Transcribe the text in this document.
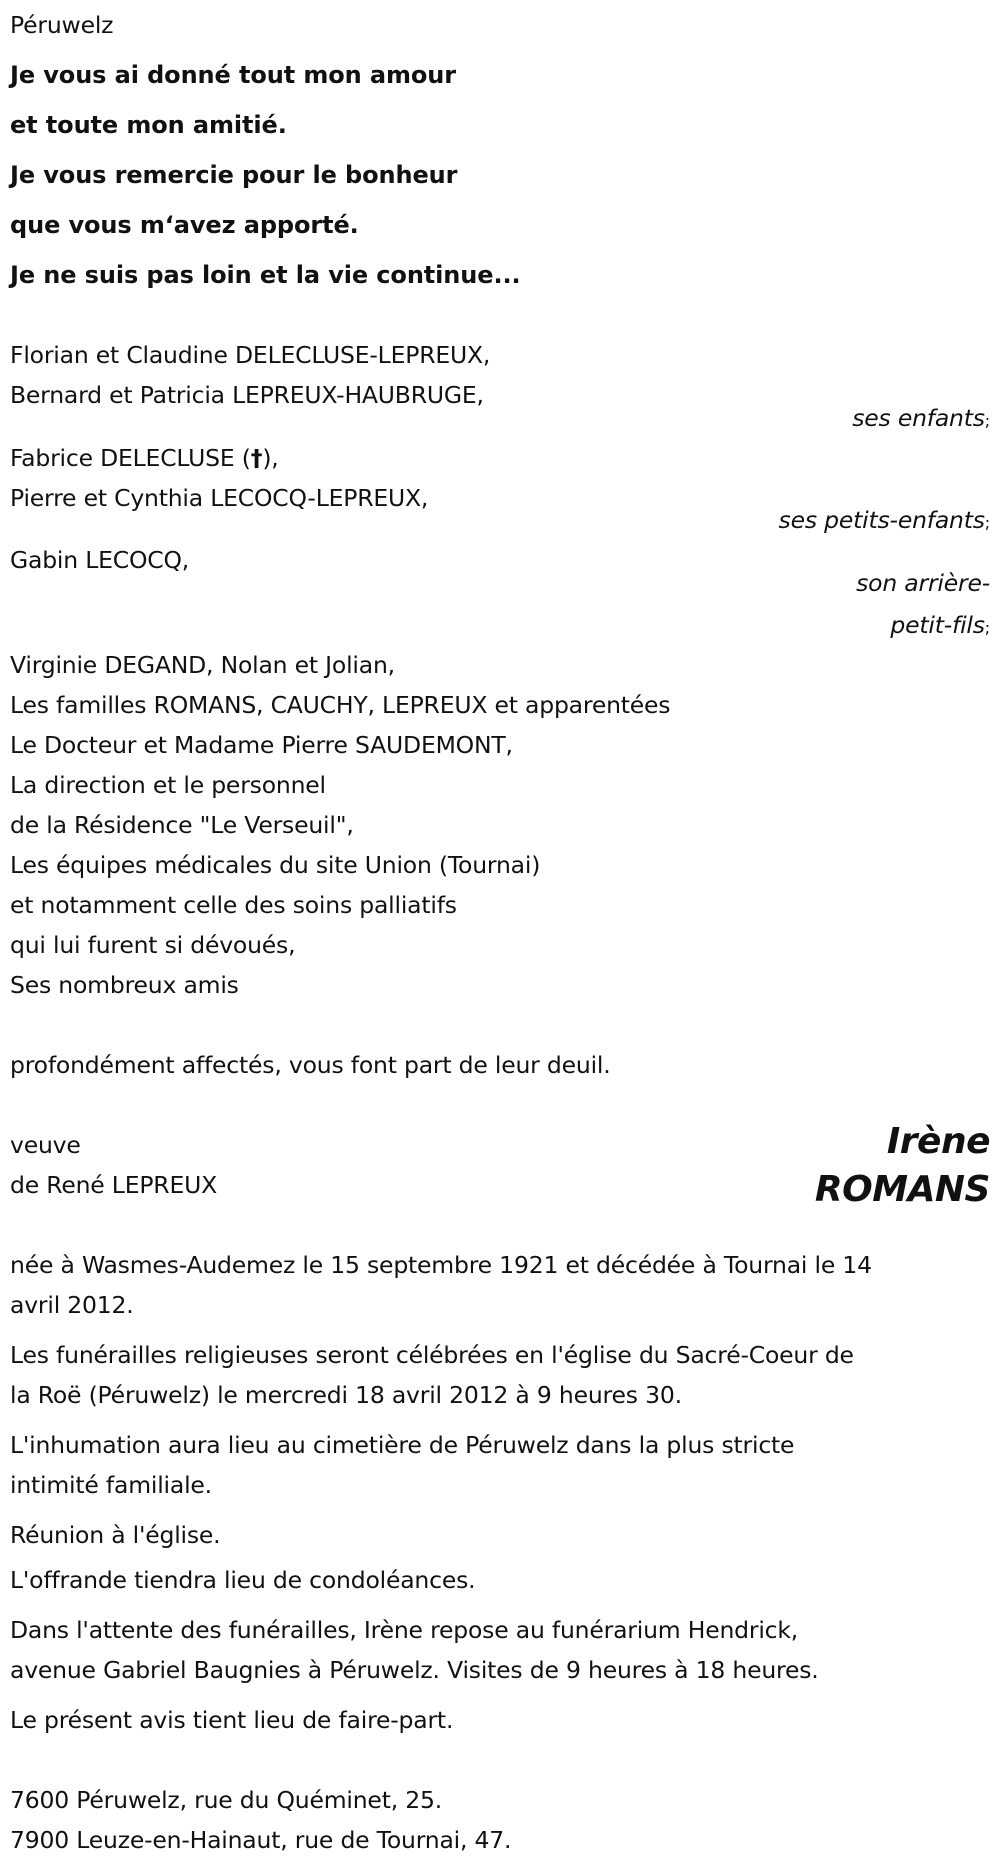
Péruwelz
Je vous ai donné tout mon amour
et toute mon amitié.
Je vous remercie pour le bonheur
que vous m‘avez apporté.
Je ne suis pas loin et la vie continue...
Florian et Claudine DELECLUSE-LEPREUX,
Bernard et Patricia LEPREUX-HAUBRUGE,
ses enfants;
Fabrice DELECLUSE (†),
Pierre et Cynthia LECOCQ-LEPREUX,
ses petits-enfants;
Gabin LECOCQ,
son arrière-
petit-fils;
Virginie DEGAND, Nolan et Jolian,
Les familles ROMANS, CAUCHY, LEPREUX et apparentées
Le Docteur et Madame Pierre SAUDEMONT,
La direction et le personnel
de la Résidence "Le Verseuil",
Les équipes médicales du site Union (Tournai)
et notamment celle des soins palliatifs
qui lui furent si dévoués,
Ses nombreux amis
profondément affectés, vous font part de leur deuil.
veuve
de René LEPREUX
Irène
ROMANS
née à Wasmes-Audemez le 15 septembre 1921 et décédée à Tournai le 14
avril 2012.
Les funérailles religieuses seront célébrées en l'église du Sacré-Coeur de
la Roë (Péruwelz) le mercredi 18 avril 2012 à 9 heures 30.
L'inhumation aura lieu au cimetière de Péruwelz dans la plus stricte
intimité familiale.
Réunion à l'église.
L'offrande tiendra lieu de condoléances.
Dans l'attente des funérailles, Irène repose au funérarium Hendrick,
avenue Gabriel Baugnies à Péruwelz. Visites de 9 heures à 18 heures.
Le présent avis tient lieu de faire-part.
7600 Péruwelz, rue du Quéminet, 25.
7900 Leuze-en-Hainaut, rue de Tournai, 47.
